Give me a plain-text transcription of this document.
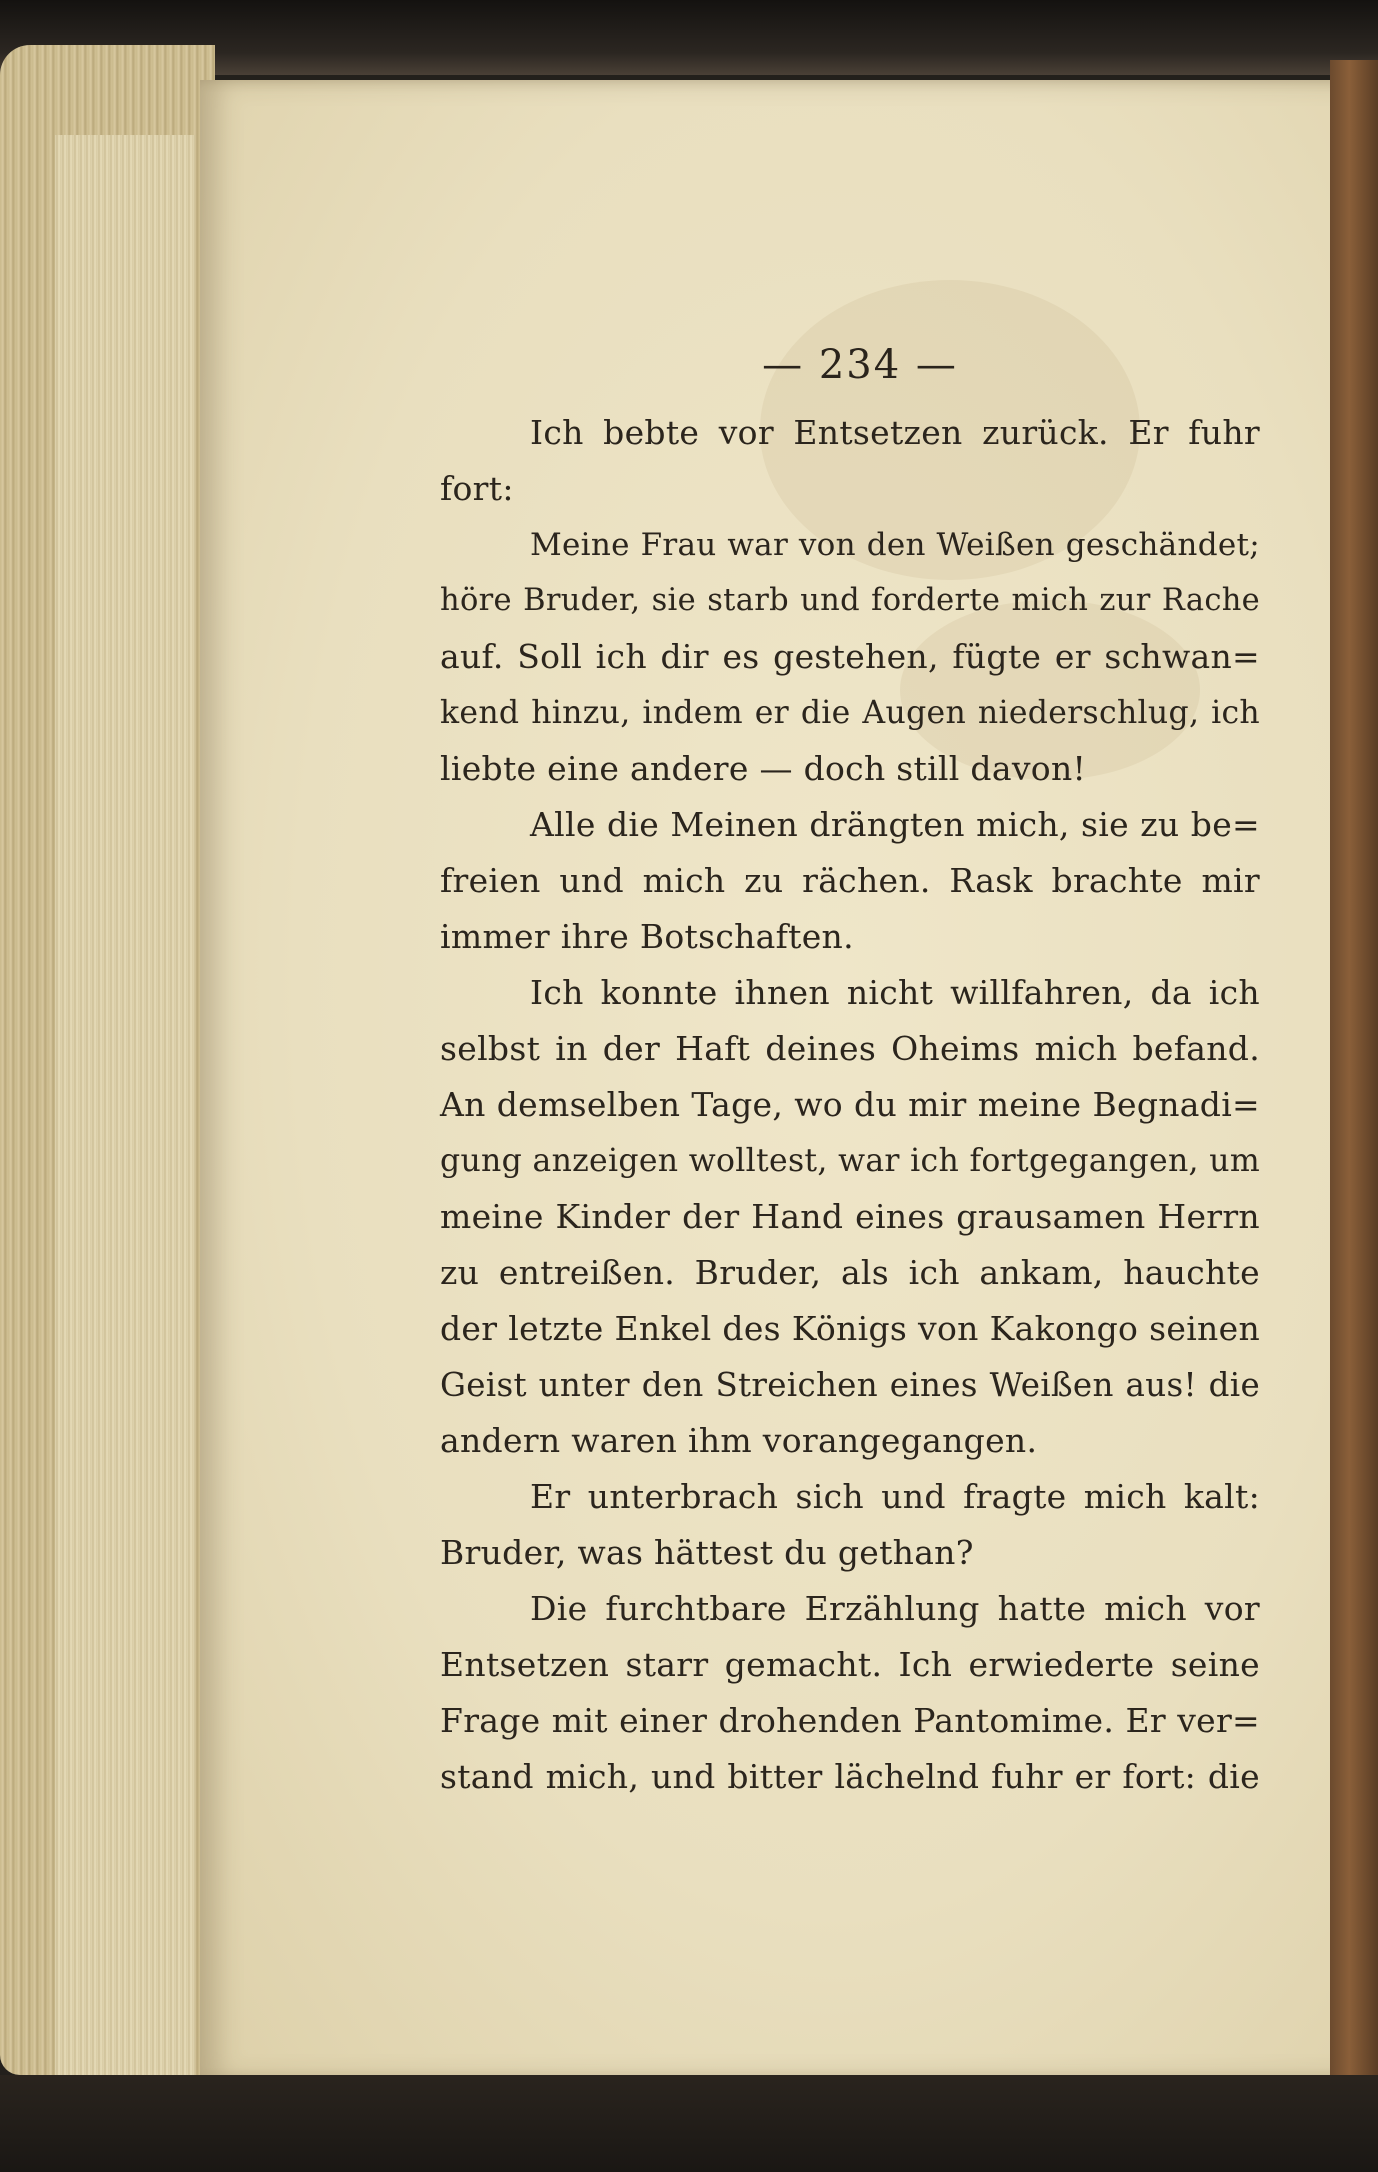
— 234 —
Ich bebte vor Entsetzen zurück. Er fuhr
fort:
Meine Frau war von den Weißen geschändet;
höre Bruder, sie starb und forderte mich zur Rache
auf. Soll ich dir es gestehen, fügte er schwan=
kend hinzu, indem er die Augen niederschlug, ich
liebte eine andere — doch still davon!
Alle die Meinen drängten mich, sie zu be=
freien und mich zu rächen. Rask brachte mir
immer ihre Botschaften.
Ich konnte ihnen nicht willfahren, da ich
selbst in der Haft deines Oheims mich befand.
An demselben Tage, wo du mir meine Begnadi=
gung anzeigen wolltest, war ich fortgegangen, um
meine Kinder der Hand eines grausamen Herrn
zu entreißen. Bruder, als ich ankam, hauchte
der letzte Enkel des Königs von Kakongo seinen
Geist unter den Streichen eines Weißen aus! die
andern waren ihm vorangegangen.
Er unterbrach sich und fragte mich kalt:
Bruder, was hättest du gethan?
Die furchtbare Erzählung hatte mich vor
Entsetzen starr gemacht. Ich erwiederte seine
Frage mit einer drohenden Pantomime. Er ver=
stand mich, und bitter lächelnd fuhr er fort: die
